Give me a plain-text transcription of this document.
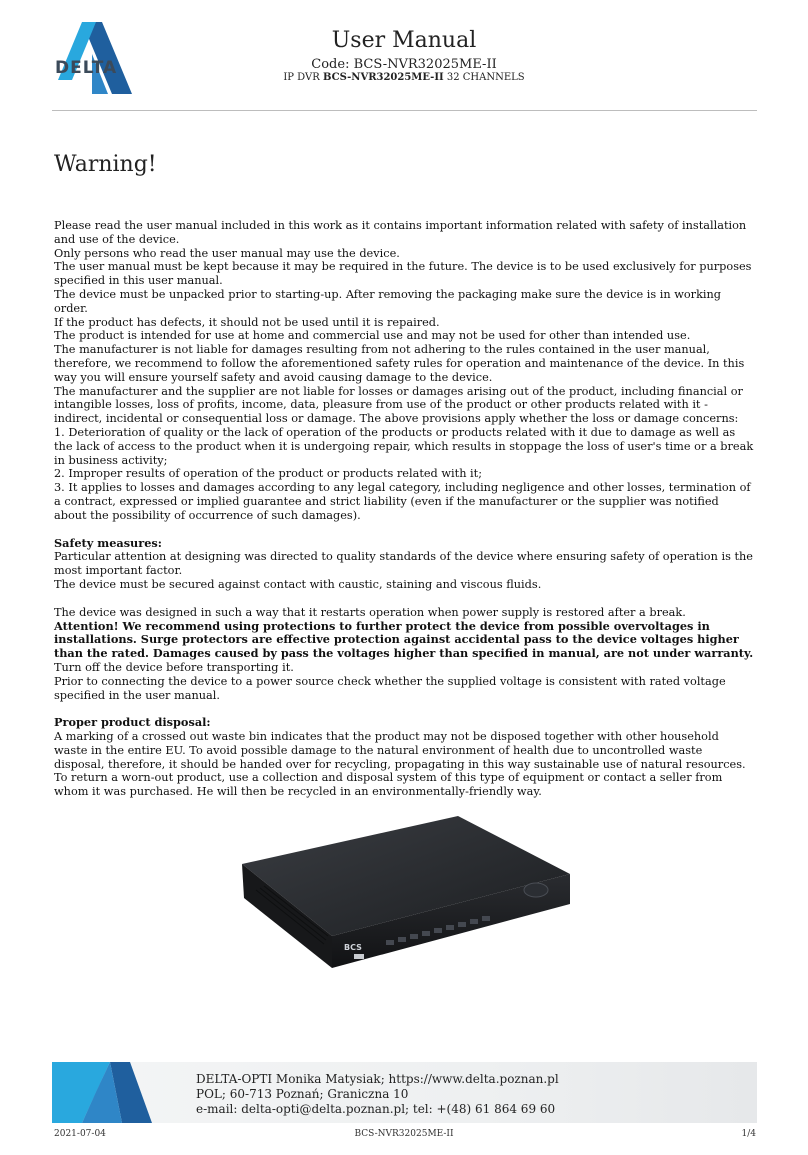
DELTA
User Manual
Code: BCS-NVR32025ME-II
IP DVR BCS-NVR32025ME-II 32 CHANNELS
Warning!

Please read the user manual included in this work as it contains important information related with safety of installation and use of the device.

Only persons who read the user manual may use the device.

The user manual must be kept because it may be required in the future. The device is to be used exclusively for purposes specified in this user manual.

The device must be unpacked prior to starting-up. After removing the packaging make sure the device is in working order.

If the product has defects, it should not be used until it is repaired.

The product is intended for use at home and commercial use and may not be used for other than intended use.

The manufacturer is not liable for damages resulting from not adhering to the rules contained in the user manual, therefore, we recommend to follow the aforementioned safety rules for operation and maintenance of the device. In this way you will ensure yourself safety and avoid causing damage to the device.

The manufacturer and the supplier are not liable for losses or damages arising out of the product, including financial or intangible losses, loss of profits, income, data, pleasure from use of the product or other products related with it - indirect, incidental or consequential loss or damage. The above provisions apply whether the loss or damage concerns:

1. Deterioration of quality or the lack of operation of the products or products related with it due to damage as well as the lack of access to the product when it is undergoing repair, which results in stoppage the loss of user's time or a break in business activity;

2. Improper results of operation of the product or products related with it;

3. It applies to losses and damages according to any legal category, including negligence and other losses, termination of a contract, expressed or implied guarantee and strict liability (even if the manufacturer or the supplier was notified about the possibility of occurrence of such damages).

Safety measures:

Particular attention at designing was directed to quality standards of the device where ensuring safety of operation is the most important factor.

The device must be secured against contact with caustic, staining and viscous fluids.

The device was designed in such a way that it restarts operation when power supply is restored after a break.

Attention! We recommend using protections to further protect the device from possible overvoltages in installations. Surge protectors are effective protection against accidental pass to the device voltages higher than the rated. Damages caused by pass the voltages higher than specified in manual, are not under warranty.

Turn off the device before transporting it.

Prior to connecting the device to a power source check whether the supplied voltage is consistent with rated voltage specified in the user manual.

Proper product disposal:

A marking of a crossed out waste bin indicates that the product may not be disposed together with other household waste in the entire EU. To avoid possible damage to the natural environment of health due to uncontrolled waste disposal, therefore, it should be handed over for recycling, propagating in this way sustainable use of natural resources.

To return a worn-out product, use a collection and disposal system of this type of equipment or contact a seller from whom it was purchased. He will then be recycled in an environmentally-friendly way.

BCS
DELTA-OPTI Monika Matysiak; https://www.delta.poznan.pl
POL; 60-713 Poznań; Graniczna 10
e-mail: delta-opti@delta.poznan.pl; tel: +(48) 61 864 69 60
2021-07-04	BCS-NVR32025ME-II	1/4
